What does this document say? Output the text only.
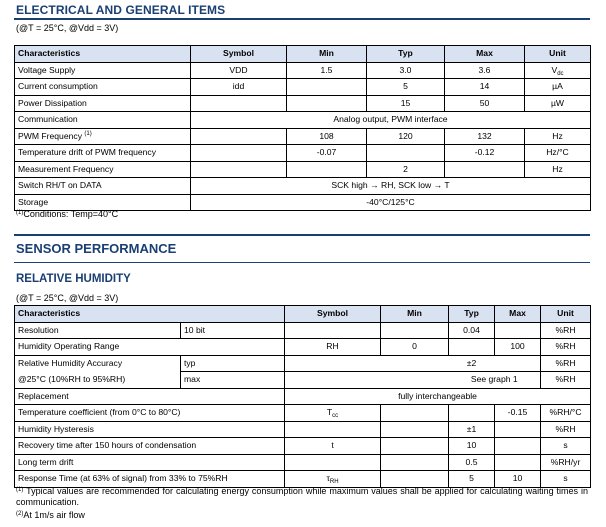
ELECTRICAL AND GENERAL ITEMS
(@T = 25°C, @Vdd = 3V)
Characteristics	Symbol	Min	Typ	Max	Unit
Voltage Supply	VDD	1.5	3.0	3.6	Vdc
Current consumption	idd		5	14	µA
Power Dissipation			15	50	µW
Communication	Analog output, PWM interface				
PWM Frequency $^{(1)}$		108	120	132	Hz
Temperature drift of PWM frequency		-0.07		-0.12	Hz/°C
Measurement Frequency			2		Hz
Switch RH/T on DATA	SCK high → RH, SCK low → T				
Storage	-40°C/125°C				
$^{(1)}$Conditions: Temp=40°C
SENSOR PERFORMANCE
RELATIVE HUMIDITY
(@T = 25°C, @Vdd = 3V)
Characteristics		Symbol	Min	Typ	Max	Unit
Resolution	10 bit			0.04		%RH
Humidity Operating Range		RH	0		100	%RH
Relative Humidity Accuracy	typ			±2		%RH
@25°C (10%RH to 95%RH)	max			See graph 1		%RH
Replacement		fully interchangeable				
Temperature coefficient (from 0°C to 80°C)		Tcc			-0.15	%RH/°C
Humidity Hysteresis				±1		%RH
Recovery time after 150 hours of condensation		t		10		s
Long term drift				0.5		%RH/yr
Response Time (at 63% of signal) from 33% to 75%RH		τRH		5	10	s
$^{(1)}$ Typical values are recommended for calculating energy consumption while maximum values shall be applied for calculating waiting times in communication.
$^{(2)}$At 1m/s air flow
